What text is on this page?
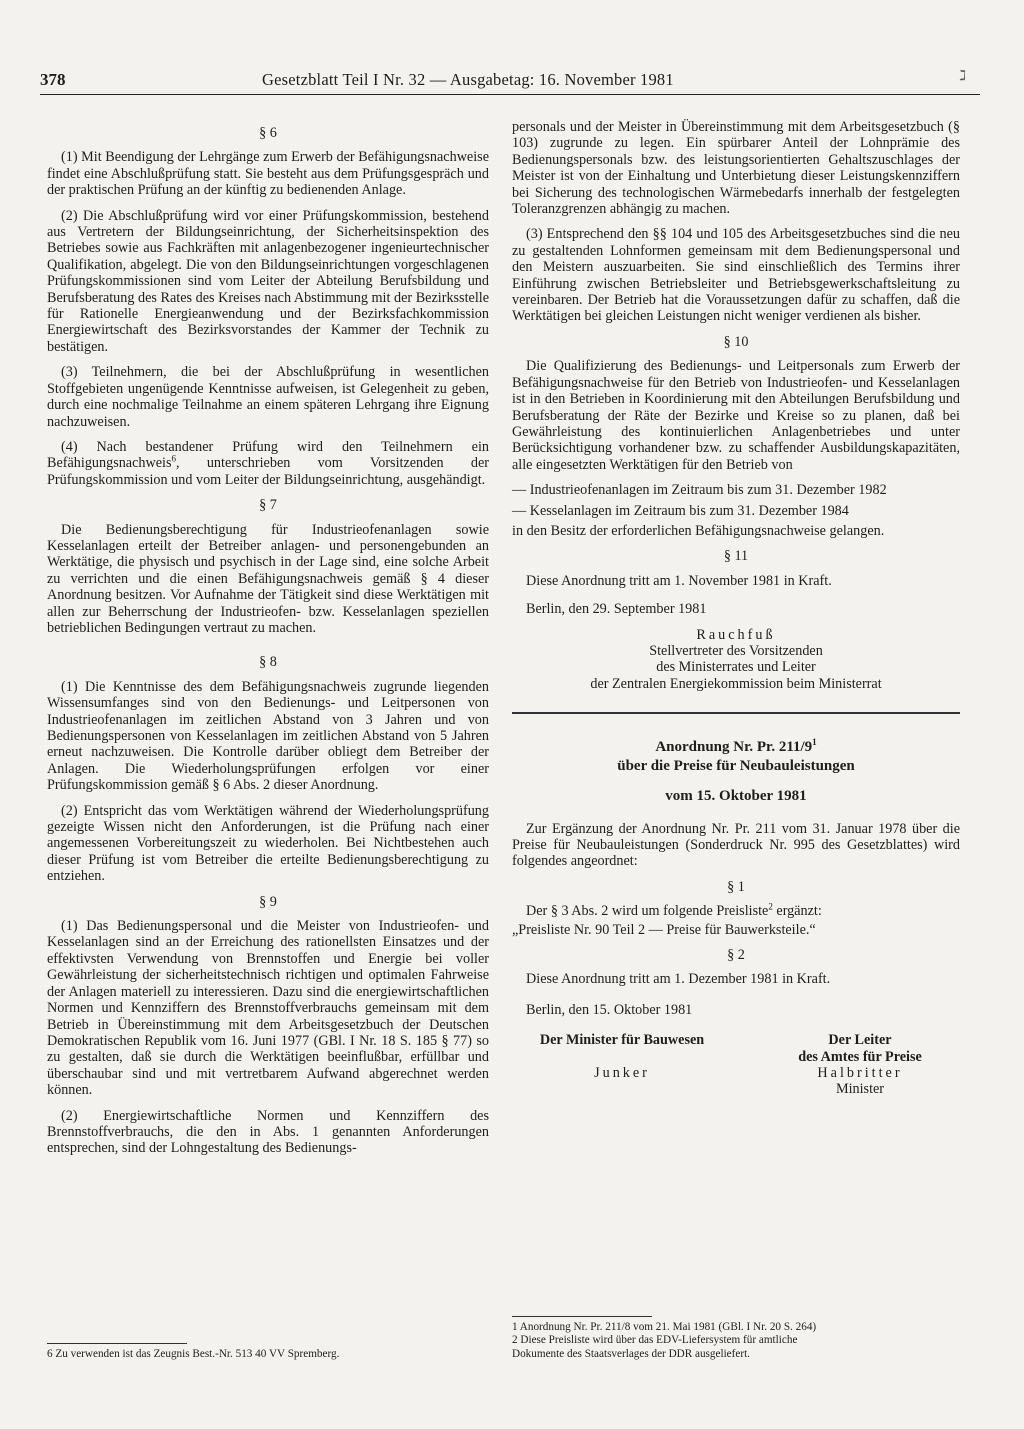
378	Gesetzblatt Teil I Nr. 32 — Ausgabetag: 16. November 1981	ℷ
§ 6

(1) Mit Beendigung der Lehrgänge zum Erwerb der Befähigungsnachweise findet eine Abschlußprüfung statt. Sie besteht aus dem Prüfungsgespräch und der praktischen Prüfung an der künftig zu bedienenden Anlage.

(2) Die Abschlußprüfung wird vor einer Prüfungskommission, bestehend aus Vertretern der Bildungseinrichtung, der Sicherheitsinspektion des Betriebes sowie aus Fachkräften mit anlagenbezogener ingenieurtechnischer Qualifikation, abgelegt. Die von den Bildungseinrichtungen vorgeschlagenen Prüfungskommissionen sind vom Leiter der Abteilung Berufsbildung und Berufsberatung des Rates des Kreises nach Abstimmung mit der Bezirksstelle für Rationelle Energieanwendung und der Bezirksfachkommission Energiewirtschaft des Bezirksvorstandes der Kammer der Technik zu bestätigen.

(3) Teilnehmern, die bei der Abschlußprüfung in wesentlichen Stoffgebieten ungenügende Kenntnisse aufweisen, ist Gelegenheit zu geben, durch eine nochmalige Teilnahme an einem späteren Lehrgang ihre Eignung nachzuweisen.

(4) Nach bestandener Prüfung wird den Teilnehmern ein Befähigungsnachweis$^6$, unterschrieben vom Vorsitzenden der Prüfungskommission und vom Leiter der Bildungseinrichtung, ausgehändigt.

§ 7

Die Bedienungsberechtigung für Industrieofenanlagen sowie Kesselanlagen erteilt der Betreiber anlagen- und personengebunden an Werktätige, die physisch und psychisch in der Lage sind, eine solche Arbeit zu verrichten und die einen Befähigungsnachweis gemäß § 4 dieser Anordnung besitzen. Vor Aufnahme der Tätigkeit sind diese Werktätigen mit allen zur Beherrschung der Industrieofen- bzw. Kesselanlagen speziellen betrieblichen Bedingungen vertraut zu machen.

§ 8

(1) Die Kenntnisse des dem Befähigungsnachweis zugrunde liegenden Wissensumfanges sind von den Bedienungs- und Leitpersonen von Industrieofenanlagen im zeitlichen Abstand von 3 Jahren und von Bedienungspersonen von Kesselanlagen im zeitlichen Abstand von 5 Jahren erneut nachzuweisen. Die Kontrolle darüber obliegt dem Betreiber der Anlagen. Die Wiederholungsprüfungen erfolgen vor einer Prüfungskommission gemäß § 6 Abs. 2 dieser Anordnung.

(2) Entspricht das vom Werktätigen während der Wiederholungsprüfung gezeigte Wissen nicht den Anforderungen, ist die Prüfung nach einer angemessenen Vorbereitungszeit zu wiederholen. Bei Nichtbestehen auch dieser Prüfung ist vom Betreiber die erteilte Bedienungsberechtigung zu entziehen.

§ 9

(1) Das Bedienungspersonal und die Meister von Industrieofen- und Kesselanlagen sind an der Erreichung des rationellsten Einsatzes und der effektivsten Verwendung von Brennstoffen und Energie bei voller Gewährleistung der sicherheitstechnisch richtigen und optimalen Fahrweise der Anlagen materiell zu interessieren. Dazu sind die energiewirtschaftlichen Normen und Kennziffern des Brennstoffverbrauchs gemeinsam mit dem Betrieb in Übereinstimmung mit dem Arbeitsgesetzbuch der Deutschen Demokratischen Republik vom 16. Juni 1977 (GBl. I Nr. 18 S. 185 § 77) so zu gestalten, daß sie durch die Werktätigen beeinflußbar, erfüllbar und überschaubar sind und mit vertretbarem Aufwand abgerechnet werden können.

(2) Energiewirtschaftliche Normen und Kennziffern des Brennstoffverbrauchs, die den in Abs. 1 genannten Anforderungen entsprechen, sind der Lohngestaltung des Bedienungs-

6 Zu verwenden ist das Zeugnis Best.-Nr. 513 40 VV Spremberg.

personals und der Meister in Übereinstimmung mit dem Arbeitsgesetzbuch (§ 103) zugrunde zu legen. Ein spürbarer Anteil der Lohnprämie des Bedienungspersonals bzw. des leistungsorientierten Gehaltszuschlages der Meister ist von der Einhaltung und Unterbietung dieser Leistungskennziffern bei Sicherung des technologischen Wärmebedarfs innerhalb der festgelegten Toleranzgrenzen abhängig zu machen.

(3) Entsprechend den §§ 104 und 105 des Arbeitsgesetzbuches sind die neu zu gestaltenden Lohnformen gemeinsam mit dem Bedienungspersonal und den Meistern auszuarbeiten. Sie sind einschließlich des Termins ihrer Einführung zwischen Betriebsleiter und Betriebsgewerkschaftsleitung zu vereinbaren. Der Betrieb hat die Voraussetzungen dafür zu schaffen, daß die Werktätigen bei gleichen Leistungen nicht weniger verdienen als bisher.

§ 10

Die Qualifizierung des Bedienungs- und Leitpersonals zum Erwerb der Befähigungsnachweise für den Betrieb von Industrieofen- und Kesselanlagen ist in den Betrieben in Koordinierung mit den Abteilungen Berufsbildung und Berufsberatung der Räte der Bezirke und Kreise so zu planen, daß bei Gewährleistung des kontinuierlichen Anlagenbetriebes und unter Berücksichtigung vorhandener bzw. zu schaffender Ausbildungskapazitäten, alle eingesetzten Werktätigen für den Betrieb von

— Industrieofenanlagen im Zeitraum bis zum 31. Dezember 1982

— Kesselanlagen im Zeitraum bis zum 31. Dezember 1984

in den Besitz der erforderlichen Befähigungsnachweise gelangen.

§ 11

Diese Anordnung tritt am 1. November 1981 in Kraft.

Berlin, den 29. September 1981

Rauchfuß
Stellvertreter des Vorsitzenden
des Ministerrates und Leiter
der Zentralen Energiekommission beim Ministerrat
Anordnung Nr. Pr. $211/9^1$
über die Preise für Neubauleistungen
vom 15. Oktober 1981

Zur Ergänzung der Anordnung Nr. Pr. 211 vom 31. Januar 1978 über die Preise für Neubauleistungen (Sonderdruck Nr. 995 des Gesetzblattes) wird folgendes angeordnet:

§ 1

Der § 3 Abs. 2 wird um folgende Preisliste$^2$ ergänzt:

„Preisliste Nr. 90 Teil 2 — Preise für Bauwerksteile.“

§ 2

Diese Anordnung tritt am 1. Dezember 1981 in Kraft.

Berlin, den 15. Oktober 1981

Der Minister für Bauwesen
Junker
Der Leiter
des Amtes für Preise
Halbritter
Minister

1 Anordnung Nr. Pr. 211/8 vom 21. Mai 1981 (GBl. I Nr. 20 S. 264)

2 Diese Preisliste wird über das EDV-Liefersystem für amtliche

Dokumente des Staatsverlages der DDR ausgeliefert.
